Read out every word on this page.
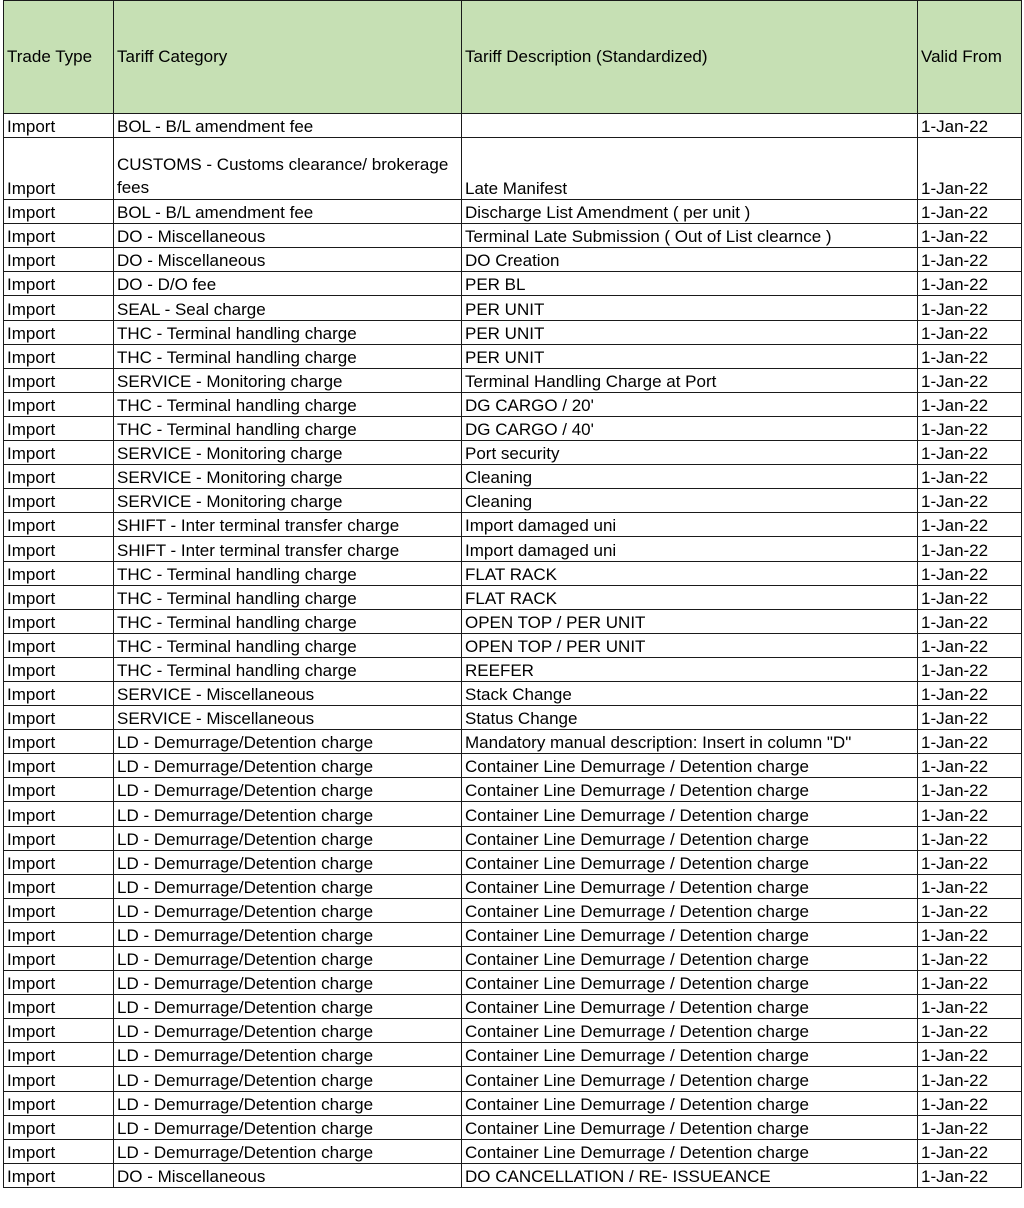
Trade Type	Tariff Category	Tariff Description (Standardized)	Valid From
Import	BOL - B/L amendment fee		1-Jan-22
Import	CUSTOMS - Customs clearance/ brokerage fees	Late Manifest	1-Jan-22
Import	BOL - B/L amendment fee	Discharge List Amendment ( per unit )	1-Jan-22
Import	DO - Miscellaneous	Terminal Late Submission ( Out of List clearnce )	1-Jan-22
Import	DO - Miscellaneous	DO Creation	1-Jan-22
Import	DO - D/O fee	PER BL	1-Jan-22
Import	SEAL - Seal charge	PER UNIT	1-Jan-22
Import	THC - Terminal handling charge	PER UNIT	1-Jan-22
Import	THC - Terminal handling charge	PER UNIT	1-Jan-22
Import	SERVICE - Monitoring charge	Terminal Handling Charge at Port	1-Jan-22
Import	THC - Terminal handling charge	DG CARGO / 20'	1-Jan-22
Import	THC - Terminal handling charge	DG CARGO / 40'	1-Jan-22
Import	SERVICE - Monitoring charge	Port security	1-Jan-22
Import	SERVICE - Monitoring charge	Cleaning	1-Jan-22
Import	SERVICE - Monitoring charge	Cleaning	1-Jan-22
Import	SHIFT - Inter terminal transfer charge	Import damaged uni	1-Jan-22
Import	SHIFT - Inter terminal transfer charge	Import damaged uni	1-Jan-22
Import	THC - Terminal handling charge	FLAT RACK	1-Jan-22
Import	THC - Terminal handling charge	FLAT RACK	1-Jan-22
Import	THC - Terminal handling charge	OPEN TOP / PER UNIT	1-Jan-22
Import	THC - Terminal handling charge	OPEN TOP / PER UNIT	1-Jan-22
Import	THC - Terminal handling charge	REEFER	1-Jan-22
Import	SERVICE - Miscellaneous	Stack Change	1-Jan-22
Import	SERVICE - Miscellaneous	Status Change	1-Jan-22
Import	LD - Demurrage/Detention charge	Mandatory manual description: Insert in column "D"	1-Jan-22
Import	LD - Demurrage/Detention charge	Container Line Demurrage / Detention charge	1-Jan-22
Import	LD - Demurrage/Detention charge	Container Line Demurrage / Detention charge	1-Jan-22
Import	LD - Demurrage/Detention charge	Container Line Demurrage / Detention charge	1-Jan-22
Import	LD - Demurrage/Detention charge	Container Line Demurrage / Detention charge	1-Jan-22
Import	LD - Demurrage/Detention charge	Container Line Demurrage / Detention charge	1-Jan-22
Import	LD - Demurrage/Detention charge	Container Line Demurrage / Detention charge	1-Jan-22
Import	LD - Demurrage/Detention charge	Container Line Demurrage / Detention charge	1-Jan-22
Import	LD - Demurrage/Detention charge	Container Line Demurrage / Detention charge	1-Jan-22
Import	LD - Demurrage/Detention charge	Container Line Demurrage / Detention charge	1-Jan-22
Import	LD - Demurrage/Detention charge	Container Line Demurrage / Detention charge	1-Jan-22
Import	LD - Demurrage/Detention charge	Container Line Demurrage / Detention charge	1-Jan-22
Import	LD - Demurrage/Detention charge	Container Line Demurrage / Detention charge	1-Jan-22
Import	LD - Demurrage/Detention charge	Container Line Demurrage / Detention charge	1-Jan-22
Import	LD - Demurrage/Detention charge	Container Line Demurrage / Detention charge	1-Jan-22
Import	LD - Demurrage/Detention charge	Container Line Demurrage / Detention charge	1-Jan-22
Import	LD - Demurrage/Detention charge	Container Line Demurrage / Detention charge	1-Jan-22
Import	LD - Demurrage/Detention charge	Container Line Demurrage / Detention charge	1-Jan-22
Import	DO - Miscellaneous	DO CANCELLATION / RE- ISSUEANCE	1-Jan-22
